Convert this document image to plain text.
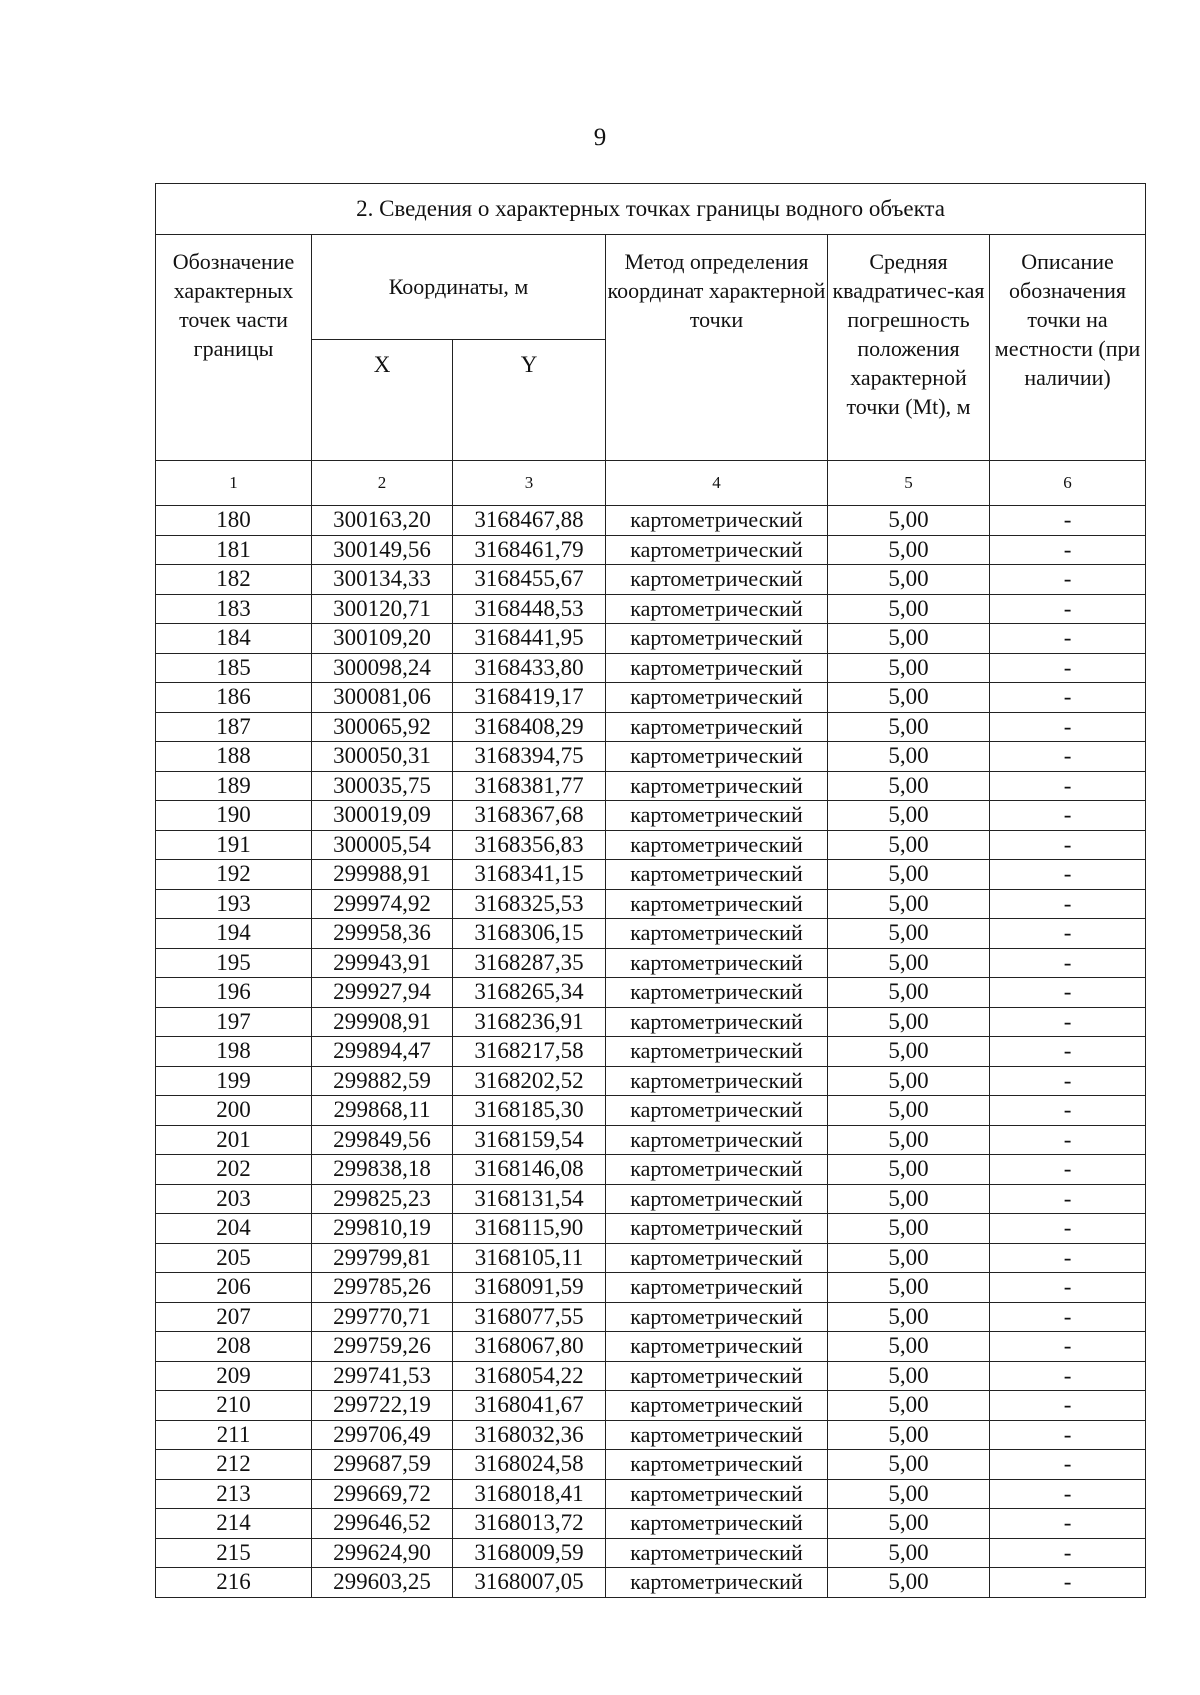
9
2. Сведения о характерных точках границы водного объекта					
Обозначение характерных точек части границы	Координаты, м		Метод определения координат характерной точки	Средняя квадратичес-кая погрешность положения характерной точки (Mt), м	Описание обозначения точки на местности (при наличии)
	X	Y			
1	2	3	4	5	6
180	300163,20	3168467,88	картометрический	5,00	-
181	300149,56	3168461,79	картометрический	5,00	-
182	300134,33	3168455,67	картометрический	5,00	-
183	300120,71	3168448,53	картометрический	5,00	-
184	300109,20	3168441,95	картометрический	5,00	-
185	300098,24	3168433,80	картометрический	5,00	-
186	300081,06	3168419,17	картометрический	5,00	-
187	300065,92	3168408,29	картометрический	5,00	-
188	300050,31	3168394,75	картометрический	5,00	-
189	300035,75	3168381,77	картометрический	5,00	-
190	300019,09	3168367,68	картометрический	5,00	-
191	300005,54	3168356,83	картометрический	5,00	-
192	299988,91	3168341,15	картометрический	5,00	-
193	299974,92	3168325,53	картометрический	5,00	-
194	299958,36	3168306,15	картометрический	5,00	-
195	299943,91	3168287,35	картометрический	5,00	-
196	299927,94	3168265,34	картометрический	5,00	-
197	299908,91	3168236,91	картометрический	5,00	-
198	299894,47	3168217,58	картометрический	5,00	-
199	299882,59	3168202,52	картометрический	5,00	-
200	299868,11	3168185,30	картометрический	5,00	-
201	299849,56	3168159,54	картометрический	5,00	-
202	299838,18	3168146,08	картометрический	5,00	-
203	299825,23	3168131,54	картометрический	5,00	-
204	299810,19	3168115,90	картометрический	5,00	-
205	299799,81	3168105,11	картометрический	5,00	-
206	299785,26	3168091,59	картометрический	5,00	-
207	299770,71	3168077,55	картометрический	5,00	-
208	299759,26	3168067,80	картометрический	5,00	-
209	299741,53	3168054,22	картометрический	5,00	-
210	299722,19	3168041,67	картометрический	5,00	-
211	299706,49	3168032,36	картометрический	5,00	-
212	299687,59	3168024,58	картометрический	5,00	-
213	299669,72	3168018,41	картометрический	5,00	-
214	299646,52	3168013,72	картометрический	5,00	-
215	299624,90	3168009,59	картометрический	5,00	-
216	299603,25	3168007,05	картометрический	5,00	-
